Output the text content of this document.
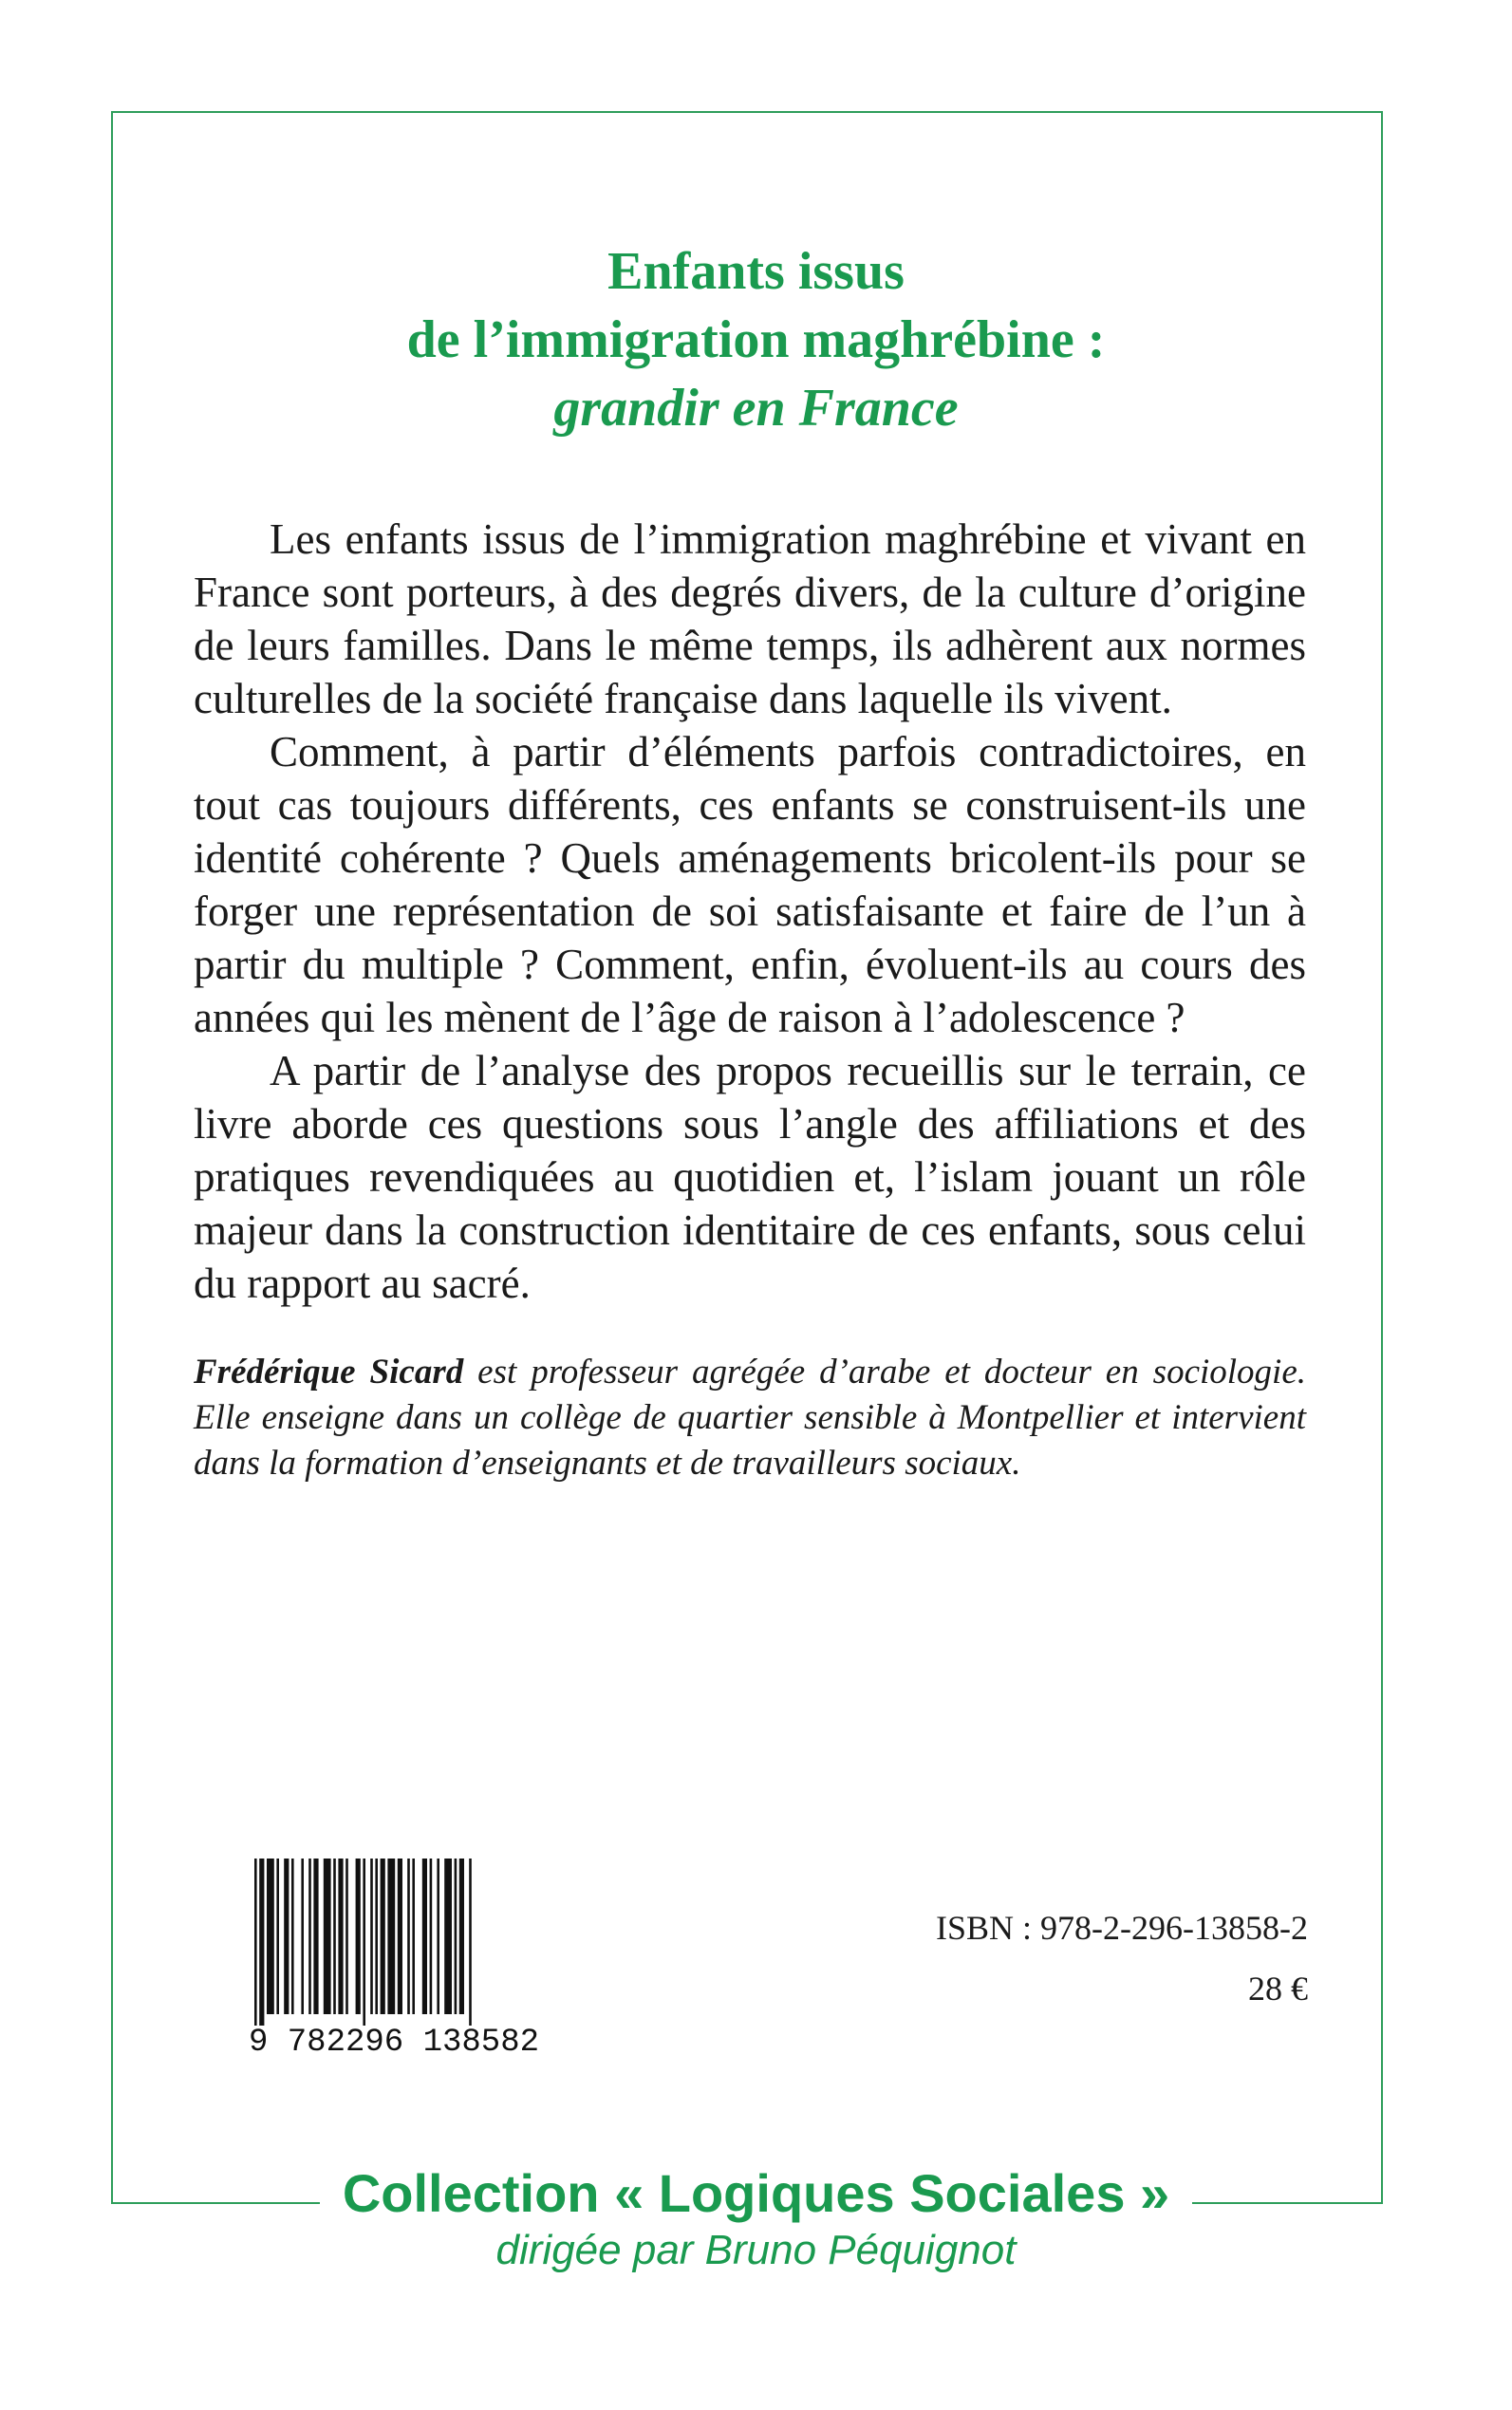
Enfants issus
de l’immigration maghrébine :
grandir en France

Les enfants issus de l’immigration maghrébine et vivant en France sont porteurs, à des degrés divers, de la culture d’origine de leurs familles. Dans le même temps, ils adhèrent aux normes culturelles de la société française dans laquelle ils vivent.

Comment, à partir d’éléments parfois contradictoires, en tout cas toujours différents, ces enfants se construisent-ils une identité cohérente ? Quels aménagements bricolent-ils pour se forger une représentation de soi satisfaisante et faire de l’un à partir du multiple ? Comment, enfin, évoluent-ils au cours des années qui les mènent de l’âge de raison à l’adolescence ?

A partir de l’analyse des propos recueillis sur le terrain, ce livre aborde ces questions sous l’angle des affiliations et des pratiques revendiquées au quotidien et, l’islam jouant un rôle majeur dans la construction identitaire de ces enfants, sous celui du rapport au sacré.

Frédérique Sicard est professeur agrégée d’arabe et docteur en sociologie. Elle enseigne dans un collège de quartier sensible à Montpellier et intervient dans la formation d’enseignants et de travailleurs sociaux.
9 782296 138582
ISBN : 978-2-296-13858-2
28 €
Collection « Logiques Sociales »
dirigée par Bruno Péquignot
